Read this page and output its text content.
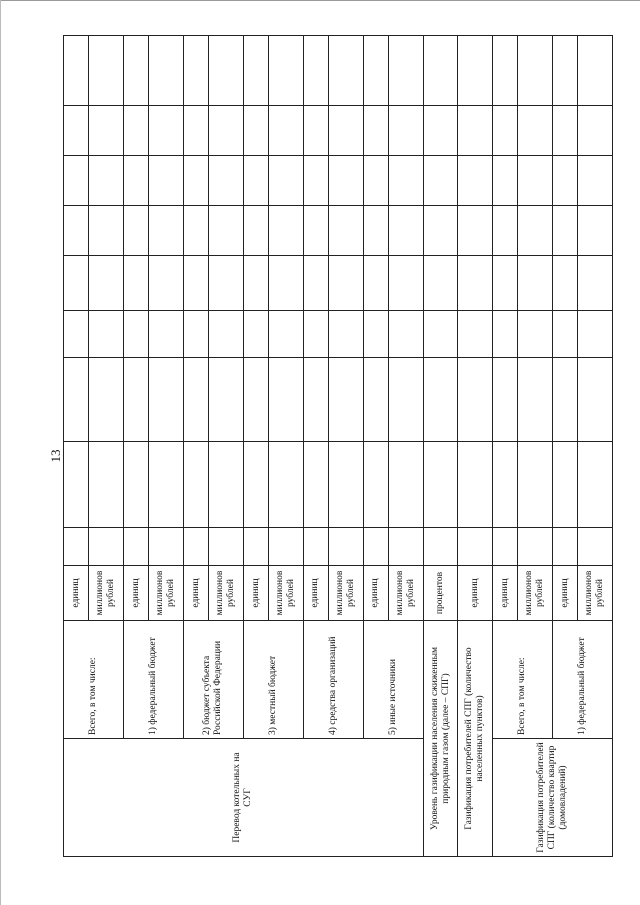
13
Перевод котельных на СУГ	Всего, в том числе:	единиц									
		миллионов рублей									
	1) федеральный бюджет	единиц									
		миллионов рублей									
	2) бюджет субъекта Российской Федерации	единиц									
		миллионов рублей									
	3) местный бюджет	единиц									
		миллионов рублей									
	4) средства организаций	единиц									
		миллионов рублей									
	5) иные источники	единиц									
		миллионов рублей									
Уровень газификации населения сжиженным природным газом (далее – СПГ)		процентов									
Газификация потребителей СПГ (количество населенных пунктов)		единиц									
Газификация потребителей СПГ (количество квартир (домовладений)	Всего, в том числе:	единиц									
		миллионов рублей									
	1) федеральный бюджет	единиц									
		миллионов рублей									
